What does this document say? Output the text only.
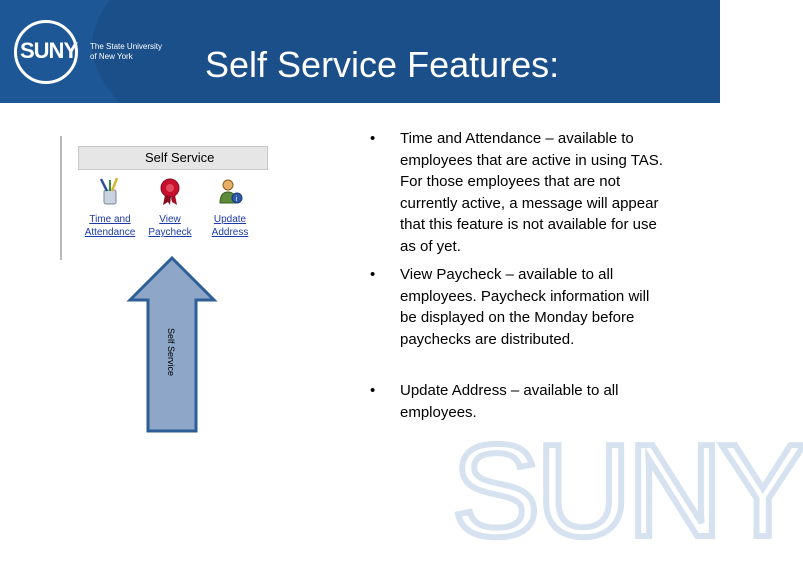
SUNY The State University
of New York	Self Service Features:
SUNY
Self Service
Time and
Attendance
View
Paycheck
i
Update
Address
Self Service
• Time and Attendance – available to employees that are active in using TAS. For those employees that are not currently active, a message will appear that this feature is not available for use as of yet.
• View Paycheck – available to all employees. Paycheck information will be displayed on the Monday before paychecks are distributed.
• Update Address – available to all employees.
